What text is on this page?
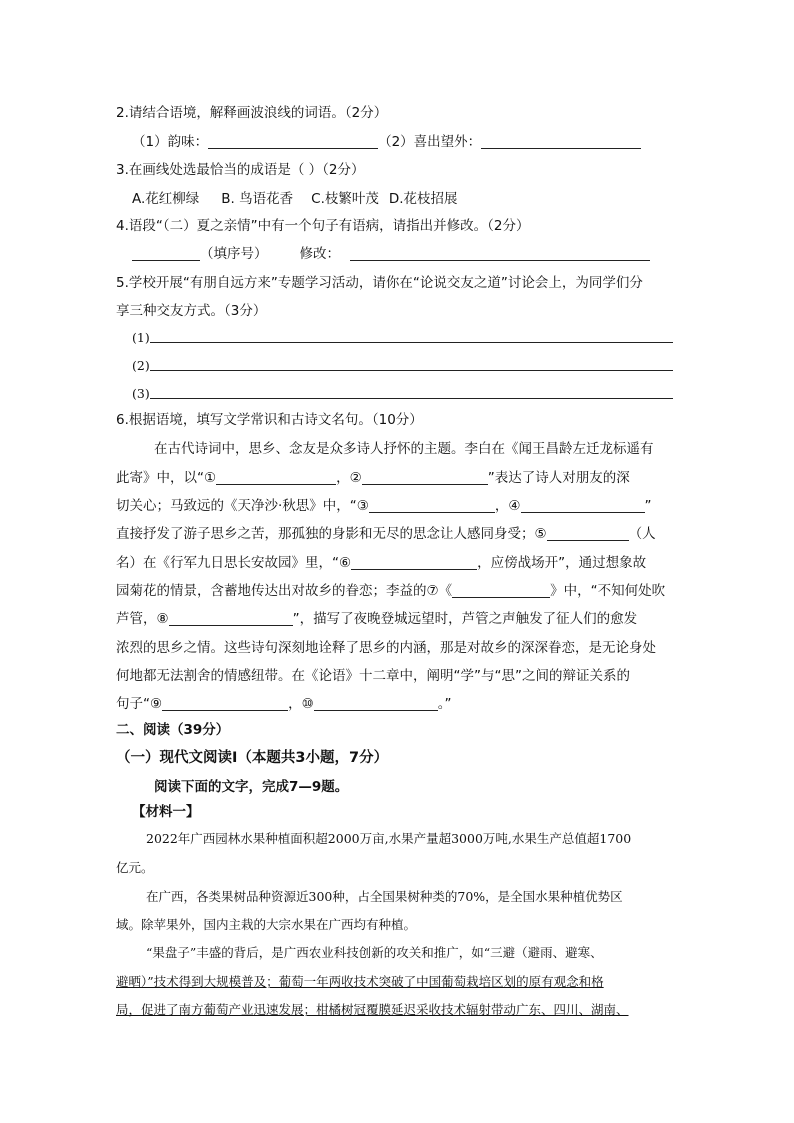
2.请结合语境，解释画波浪线的词语。（2分）
（1）韵味：	（2）喜出望外：
3.在画线处选最恰当的成语是（ ）（2分）
A.花红柳绿 B. 鸟语花香 C.枝繁叶茂 D.花枝招展
4.语段“（二）夏之亲情”中有一个句子有语病，请指出并修改。（2分）
（填序号） 修改：
5.学校开展“有朋自远方来”专题学习活动，请你在“论说交友之道”讨论会上，为同学们分
享三种交友方式。（3分）
(1)
(2)
(3)
6.根据语境，填写文学常识和古诗文名句。（10分）
在古代诗词中，思乡、念友是众多诗人抒怀的主题。李白在《闻王昌龄左迁龙标遥有
此寄》中，以“①	，②	”表达了诗人对朋友的深
切关心；马致远的《天净沙·秋思》中，“③	，④	”
直接抒发了游子思乡之苦，那孤独的身影和无尽的思念让人感同身受；⑤	（人
名）在《行军九日思长安故园》里，“⑥	，应傍战场开”，通过想象故
园菊花的情景，含蓄地传达出对故乡的眷恋；李益的⑦《	》中，“不知何处吹
芦管，⑧	”，描写了夜晚登城远望时，芦管之声触发了征人们的愈发
浓烈的思乡之情。这些诗句深刻地诠释了思乡的内涵，那是对故乡的深深眷恋，是无论身处
何地都无法割舍的情感纽带。在《论语》十二章中，阐明“学”与“思”之间的辩证关系的
句子“⑨	，⑩	。”
二、阅读（39分）
（一）现代文阅读Ⅰ（本题共3小题，7分）
阅读下面的文字，完成7—9题。
【材料一】
2022年广西园林水果种植面积超2000万亩,水果产量超3000万吨,水果生产总值超1700
亿元。
在广西，各类果树品种资源近300种，占全国果树种类的70%，是全国水果种植优势区
域。除苹果外，国内主栽的大宗水果在广西均有种植。
“果盘子”丰盛的背后，是广西农业科技创新的攻关和推广，如“三避（避雨、避寒、
避晒）”技术得到大规模普及；葡萄一年两收技术突破了中国葡萄栽培区划的原有观念和格
局，促进了南方葡萄产业迅速发展；柑橘树冠覆膜延迟采收技术辐射带动广东、四川、湖南、
